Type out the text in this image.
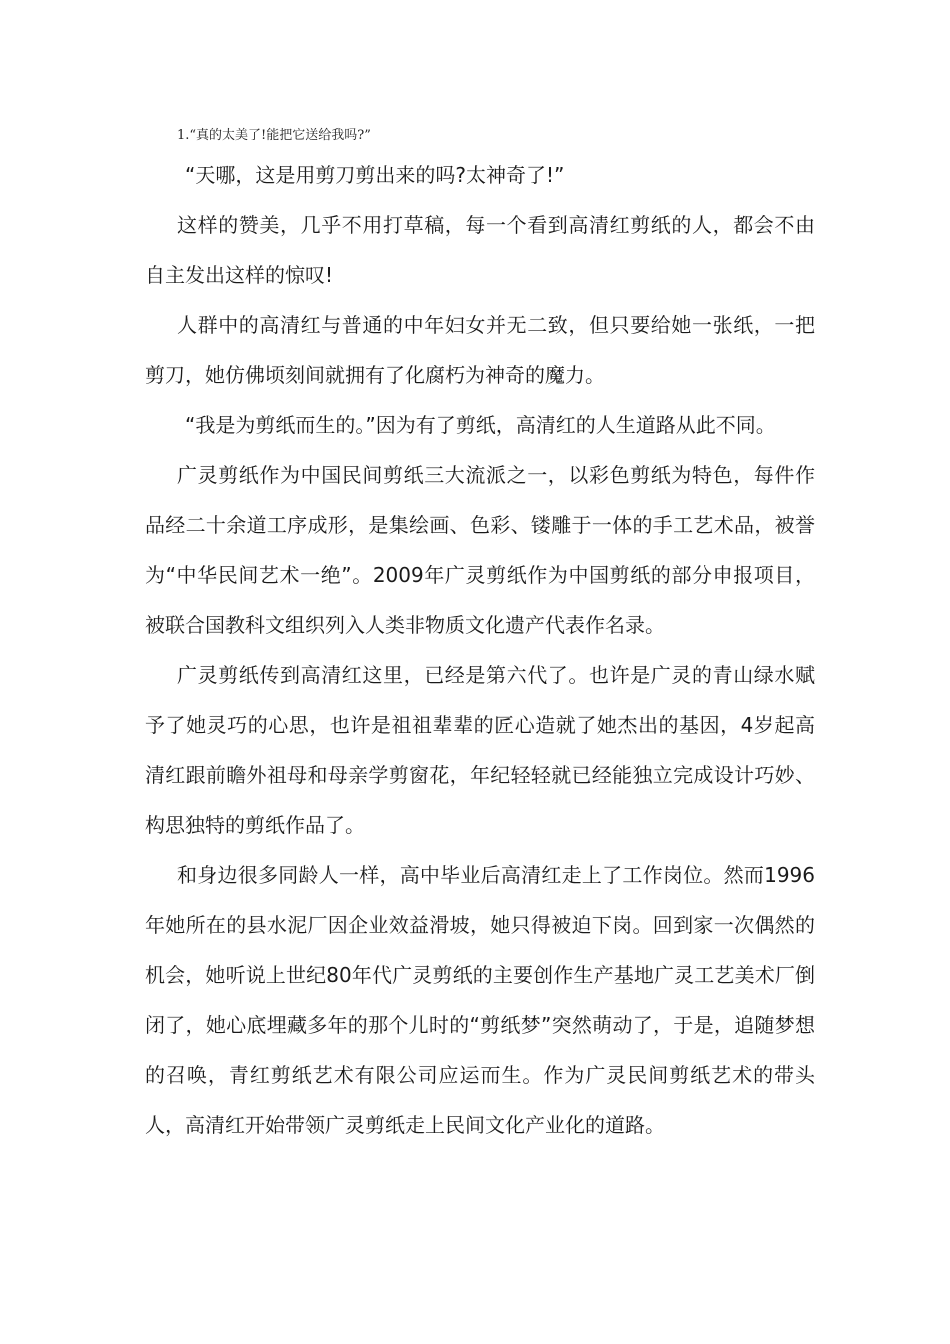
1.“真的太美了!能把它送给我吗?”

“天哪，这是用剪刀剪出来的吗?太神奇了!”

这样的赞美，几乎不用打草稿，每一个看到高清红剪纸的人，都会不由自主发出这样的惊叹!

人群中的高清红与普通的中年妇女并无二致，但只要给她一张纸，一把剪刀，她仿佛顷刻间就拥有了化腐朽为神奇的魔力。

“我是为剪纸而生的。”因为有了剪纸，高清红的人生道路从此不同。

广灵剪纸作为中国民间剪纸三大流派之一，以彩色剪纸为特色，每件作品经二十余道工序成形，是集绘画、色彩、镂雕于一体的手工艺术品，被誉为“中华民间艺术一绝”。2009年广灵剪纸作为中国剪纸的部分申报项目，被联合国教科文组织列入人类非物质文化遗产代表作名录。

广灵剪纸传到高清红这里，已经是第六代了。也许是广灵的青山绿水赋予了她灵巧的心思，也许是祖祖辈辈的匠心造就了她杰出的基因，4岁起高清红跟前瞻外祖母和母亲学剪窗花，年纪轻轻就已经能独立完成设计巧妙、构思独特的剪纸作品了。

和身边很多同龄人一样，高中毕业后高清红走上了工作岗位。然而1996年她所在的县水泥厂因企业效益滑坡，她只得被迫下岗。回到家一次偶然的机会，她听说上世纪80年代广灵剪纸的主要创作生产基地广灵工艺美术厂倒闭了，她心底埋藏多年的那个儿时的“剪纸梦”突然萌动了，于是，追随梦想的召唤，青红剪纸艺术有限公司应运而生。作为广灵民间剪纸艺术的带头人，高清红开始带领广灵剪纸走上民间文化产业化的道路。
